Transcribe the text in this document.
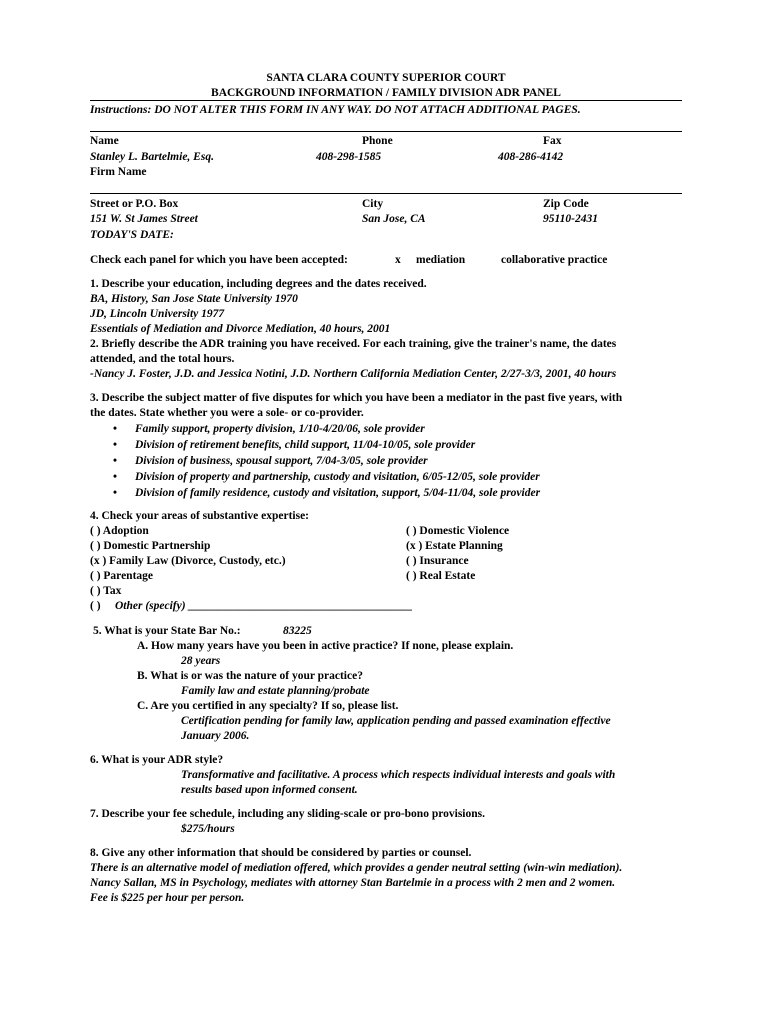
SANTA CLARA COUNTY SUPERIOR COURT
BACKGROUND INFORMATION / FAMILY DIVISION ADR PANEL
Instructions: DO NOT ALTER THIS FORM IN ANY WAY. DO NOT ATTACH ADDITIONAL PAGES.
Name
Stanley L. Bartelmie, Esq.
Phone
408-298-1585
Fax
408-286-4142
Firm Name
Street or P.O. Box
151 W. St James Street
City
San Jose, CA
Zip Code
95110-2431
TODAY'S DATE:
Check each panel for which you have been accepted:	x mediation	collaborative practice
1. Describe your education, including degrees and the dates received.
BA, History, San Jose State University 1970
JD, Lincoln University 1977
Essentials of Mediation and Divorce Mediation, 40 hours, 2001
2. Briefly describe the ADR training you have received. For each training, give the trainer's name, the dates
attended, and the total hours.
-Nancy J. Foster, J.D. and Jessica Notini, J.D. Northern California Mediation Center, 2/27-3/3, 2001, 40 hours
3. Describe the subject matter of five disputes for which you have been a mediator in the past five years, with
the dates. State whether you were a sole- or co-provider.
• Family support, property division, 1/10-4/20/06, sole provider
• Division of retirement benefits, child support, 11/04-10/05, sole provider
• Division of business, spousal support, 7/04-3/05, sole provider
• Division of property and partnership, custody and visitation, 6/05-12/05, sole provider
• Division of family residence, custody and visitation, support, 5/04-11/04, sole provider
4. Check your areas of substantive expertise:
( ) Adoption
( ) Domestic Partnership
(x ) Family Law (Divorce, Custody, etc.)
( ) Parentage
( ) Tax
( ) Other (specify) _______________________________________
( ) Domestic Violence
(x ) Estate Planning
( ) Insurance
( ) Real Estate
5. What is your State Bar No.:	83225
A. How many years have you been in active practice? If none, please explain.
28 years
B. What is or was the nature of your practice?
Family law and estate planning/probate
C. Are you certified in any specialty? If so, please list.
Certification pending for family law, application pending and passed examination effective
January 2006.
6. What is your ADR style?
Transformative and facilitative. A process which respects individual interests and goals with
results based upon informed consent.
7. Describe your fee schedule, including any sliding-scale or pro-bono provisions.
$275/hours
8. Give any other information that should be considered by parties or counsel.
There is an alternative model of mediation offered, which provides a gender neutral setting (win-win mediation).
Nancy Sallan, MS in Psychology, mediates with attorney Stan Bartelmie in a process with 2 men and 2 women.
Fee is $225 per hour per person.
